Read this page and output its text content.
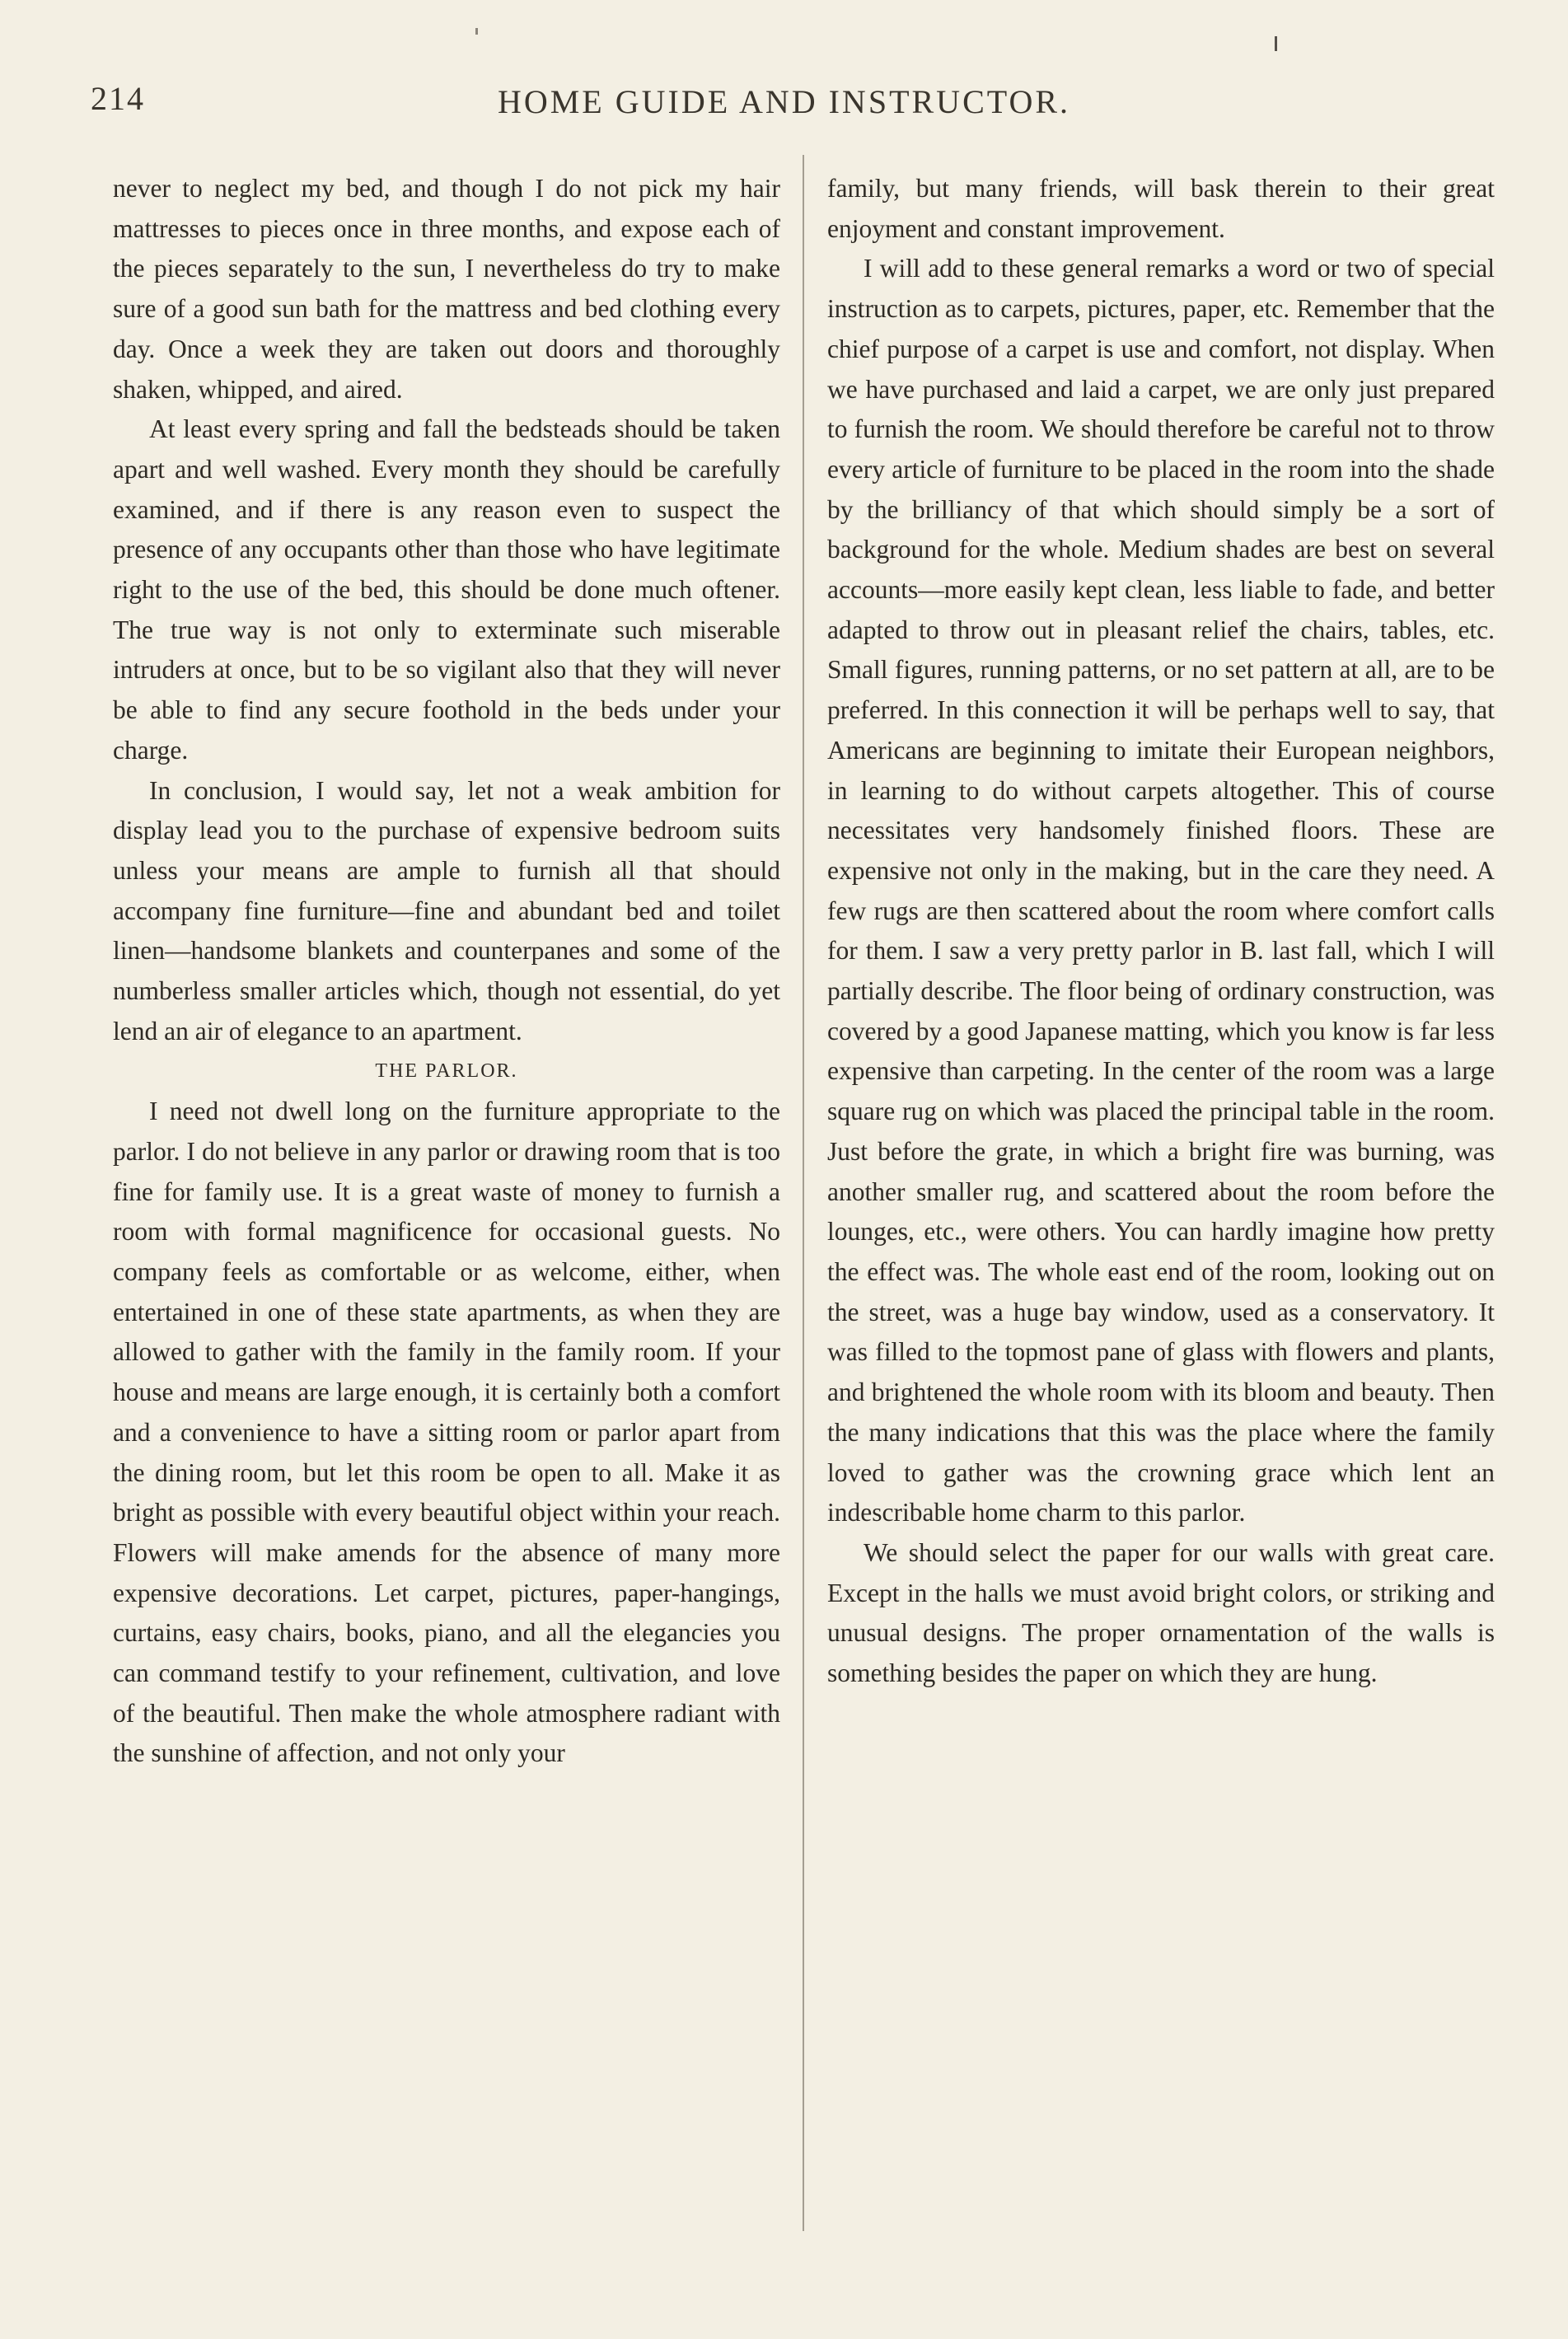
214	HOME GUIDE AND INSTRUCTOR.

never to neglect my bed, and though I do not pick my hair mattresses to pieces once in three months, and expose each of the pieces separately to the sun, I nevertheless do try to make sure of a good sun bath for the mattress and bed clothing every day. Once a week they are taken out doors and thoroughly shaken, whipped, and aired.

At least every spring and fall the bedsteads should be taken apart and well washed. Every month they should be carefully examined, and if there is any reason even to suspect the presence of any occupants other than those who have legitimate right to the use of the bed, this should be done much oftener. The true way is not only to exterminate such miserable intruders at once, but to be so vigilant also that they will never be able to find any secure foothold in the beds under your charge.

In conclusion, I would say, let not a weak ambition for display lead you to the purchase of expensive bedroom suits unless your means are ample to furnish all that should accompany fine furniture—fine and abundant bed and toilet linen—handsome blankets and counterpanes and some of the numberless smaller articles which, though not essential, do yet lend an air of elegance to an apartment.

THE PARLOR.

I need not dwell long on the furniture appropriate to the parlor. I do not believe in any parlor or drawing room that is too fine for family use. It is a great waste of money to furnish a room with formal magnificence for occasional guests. No company feels as comfortable or as welcome, either, when entertained in one of these state apartments, as when they are allowed to gather with the family in the family room. If your house and means are large enough, it is certainly both a comfort and a convenience to have a sitting room or parlor apart from the dining room, but let this room be open to all. Make it as bright as possible with every beautiful object within your reach. Flowers will make amends for the absence of many more expensive decorations. Let carpet, pictures, paper-hangings, curtains, easy chairs, books, piano, and all the elegancies you can command testify to your refinement, cultivation, and love of the beautiful. Then make the whole atmosphere radiant with the sunshine of affection, and not only your

family, but many friends, will bask therein to their great enjoyment and constant improvement.

I will add to these general remarks a word or two of special instruction as to carpets, pictures, paper, etc. Remember that the chief purpose of a carpet is use and comfort, not display. When we have purchased and laid a carpet, we are only just prepared to furnish the room. We should therefore be careful not to throw every article of furniture to be placed in the room into the shade by the brilliancy of that which should simply be a sort of background for the whole. Medium shades are best on several accounts—more easily kept clean, less liable to fade, and better adapted to throw out in pleasant relief the chairs, tables, etc. Small figures, running patterns, or no set pattern at all, are to be preferred. In this connection it will be perhaps well to say, that Americans are beginning to imitate their European neighbors, in learning to do without carpets altogether. This of course necessitates very handsomely finished floors. These are expensive not only in the making, but in the care they need. A few rugs are then scattered about the room where comfort calls for them. I saw a very pretty parlor in B. last fall, which I will partially describe. The floor being of ordinary construction, was covered by a good Japanese matting, which you know is far less expensive than carpeting. In the center of the room was a large square rug on which was placed the principal table in the room. Just before the grate, in which a bright fire was burning, was another smaller rug, and scattered about the room before the lounges, etc., were others. You can hardly imagine how pretty the effect was. The whole east end of the room, looking out on the street, was a huge bay window, used as a conservatory. It was filled to the topmost pane of glass with flowers and plants, and brightened the whole room with its bloom and beauty. Then the many indications that this was the place where the family loved to gather was the crowning grace which lent an indescribable home charm to this parlor.

We should select the paper for our walls with great care. Except in the halls we must avoid bright colors, or striking and unusual designs. The proper ornamentation of the walls is something besides the paper on which they are hung.
